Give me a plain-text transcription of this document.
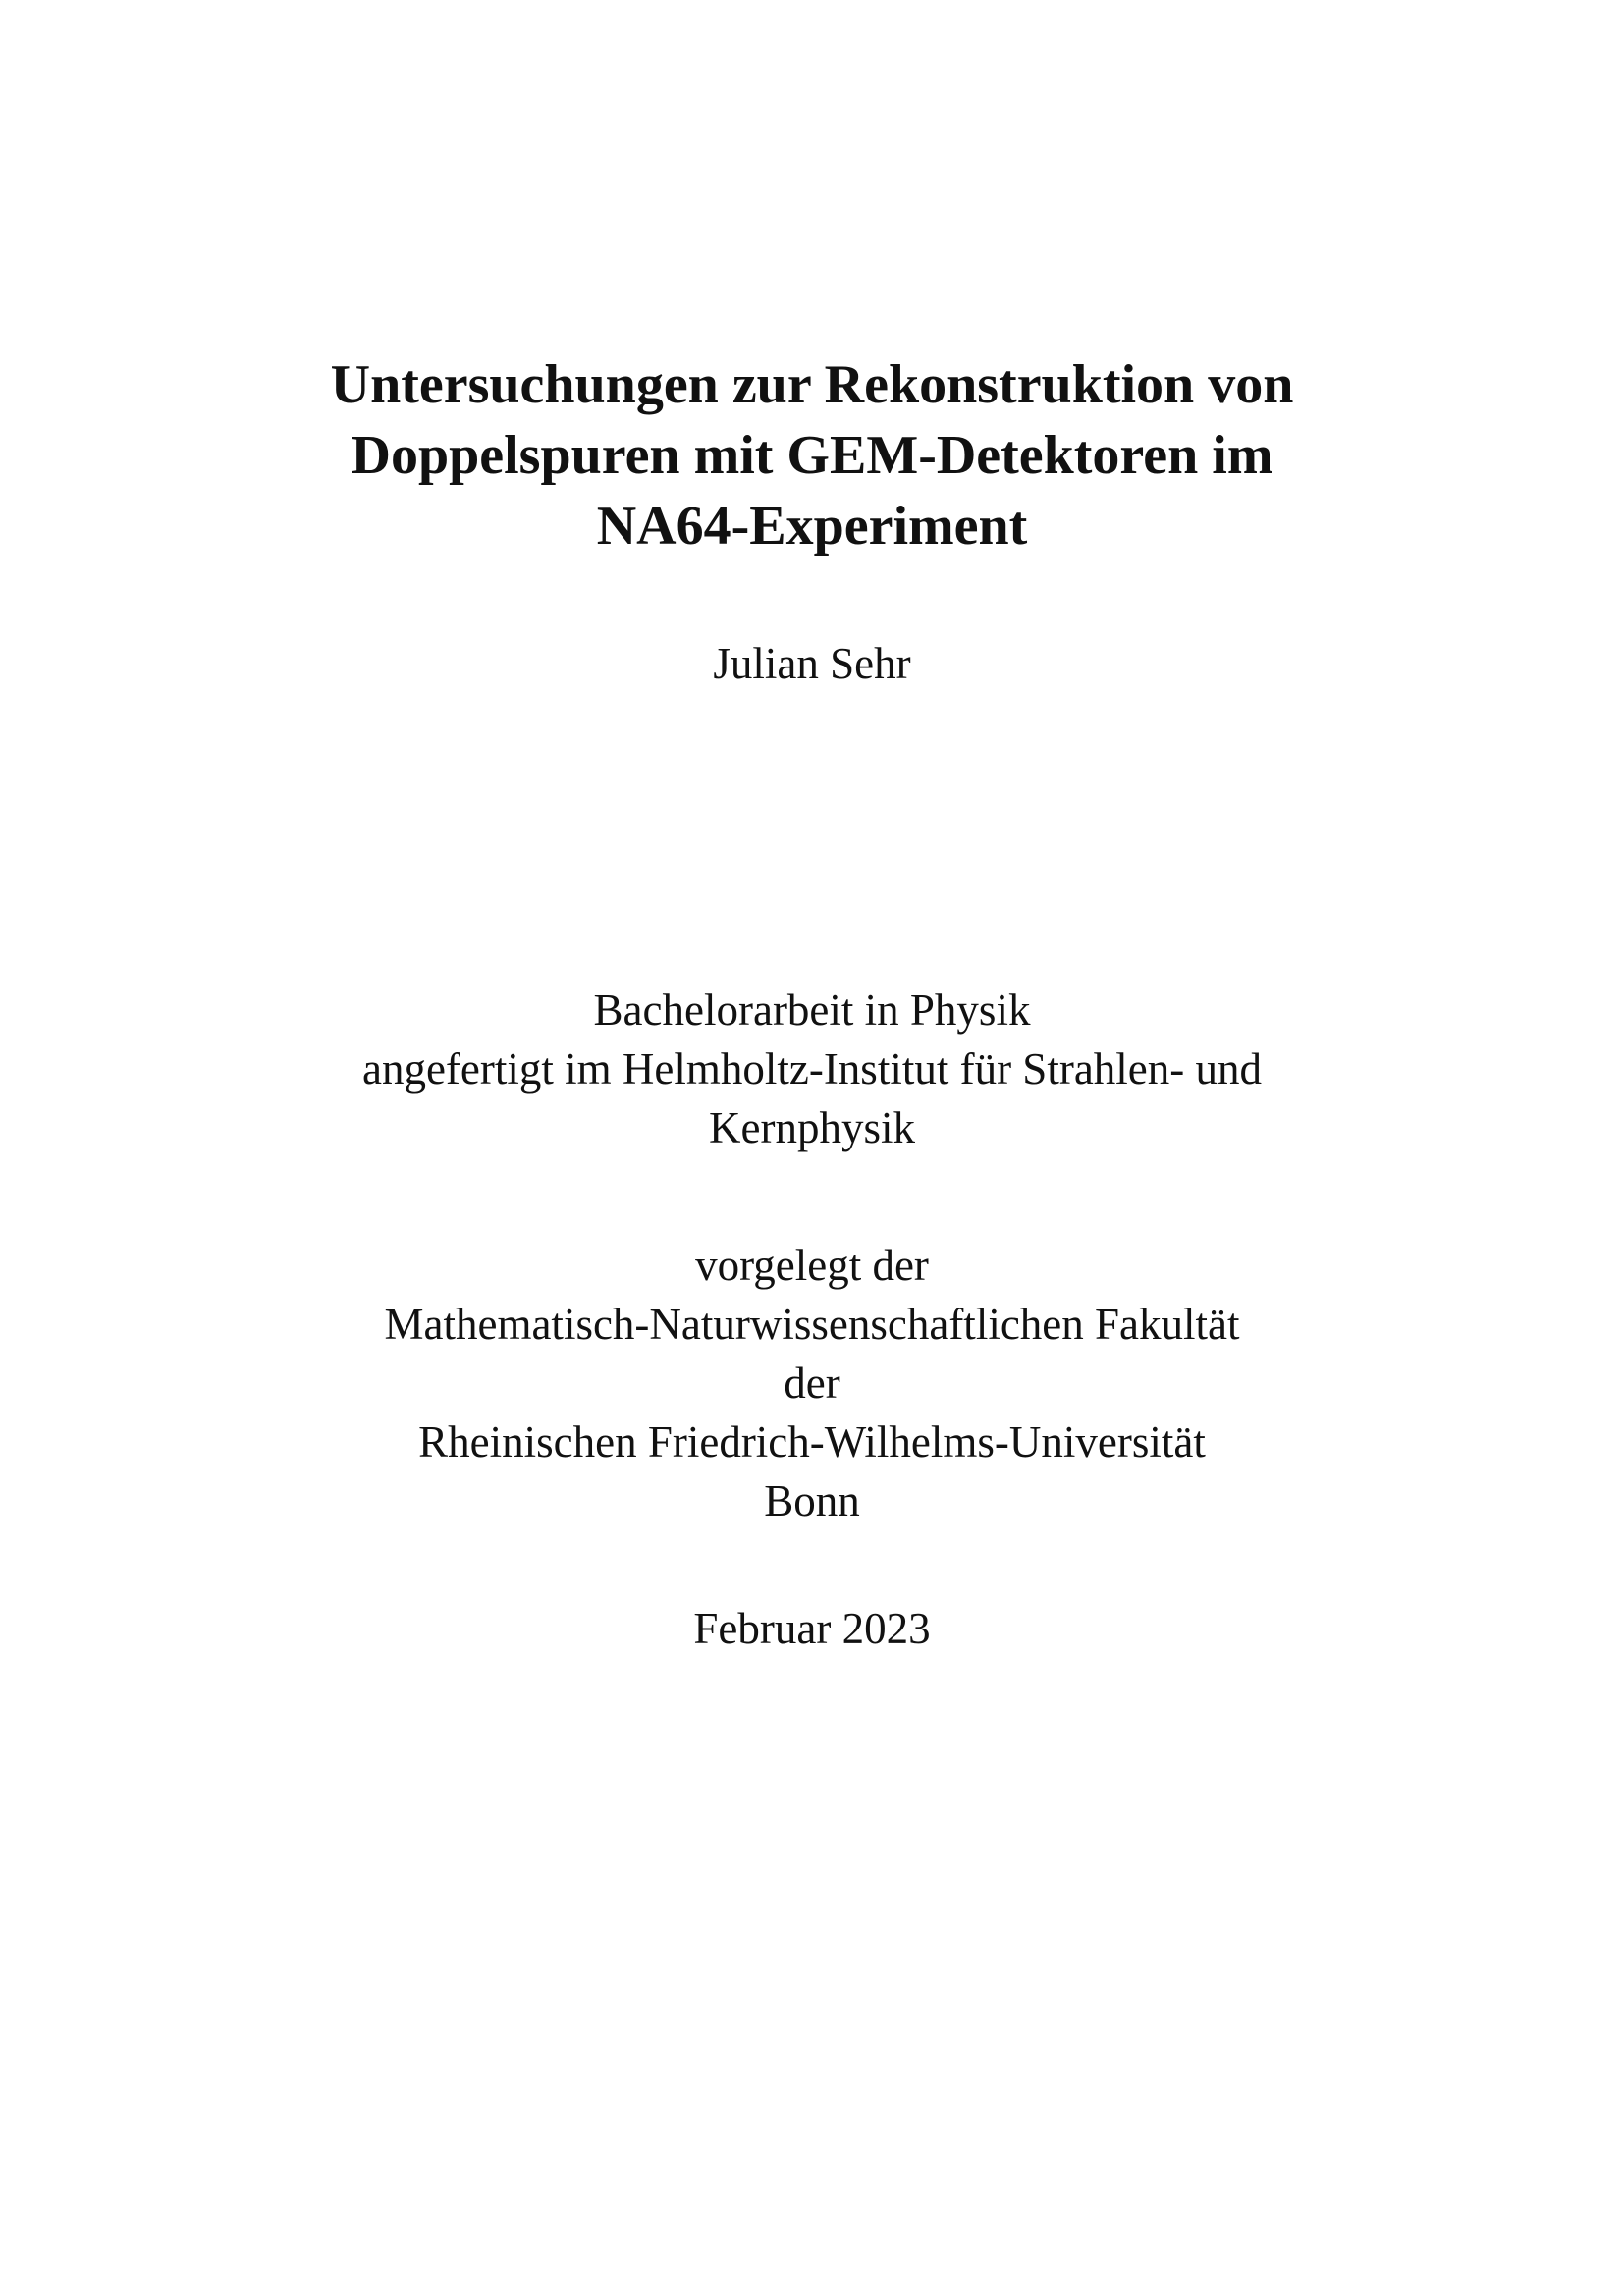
Untersuchungen zur Rekonstruktion von
Doppelspuren mit GEM-Detektoren im
NA64-Experiment
Julian Sehr
Bachelorarbeit in Physik
angefertigt im Helmholtz-Institut für Strahlen- und
Kernphysik
vorgelegt der
Mathematisch-Naturwissenschaftlichen Fakultät
der
Rheinischen Friedrich-Wilhelms-Universität
Bonn
Februar 2023
